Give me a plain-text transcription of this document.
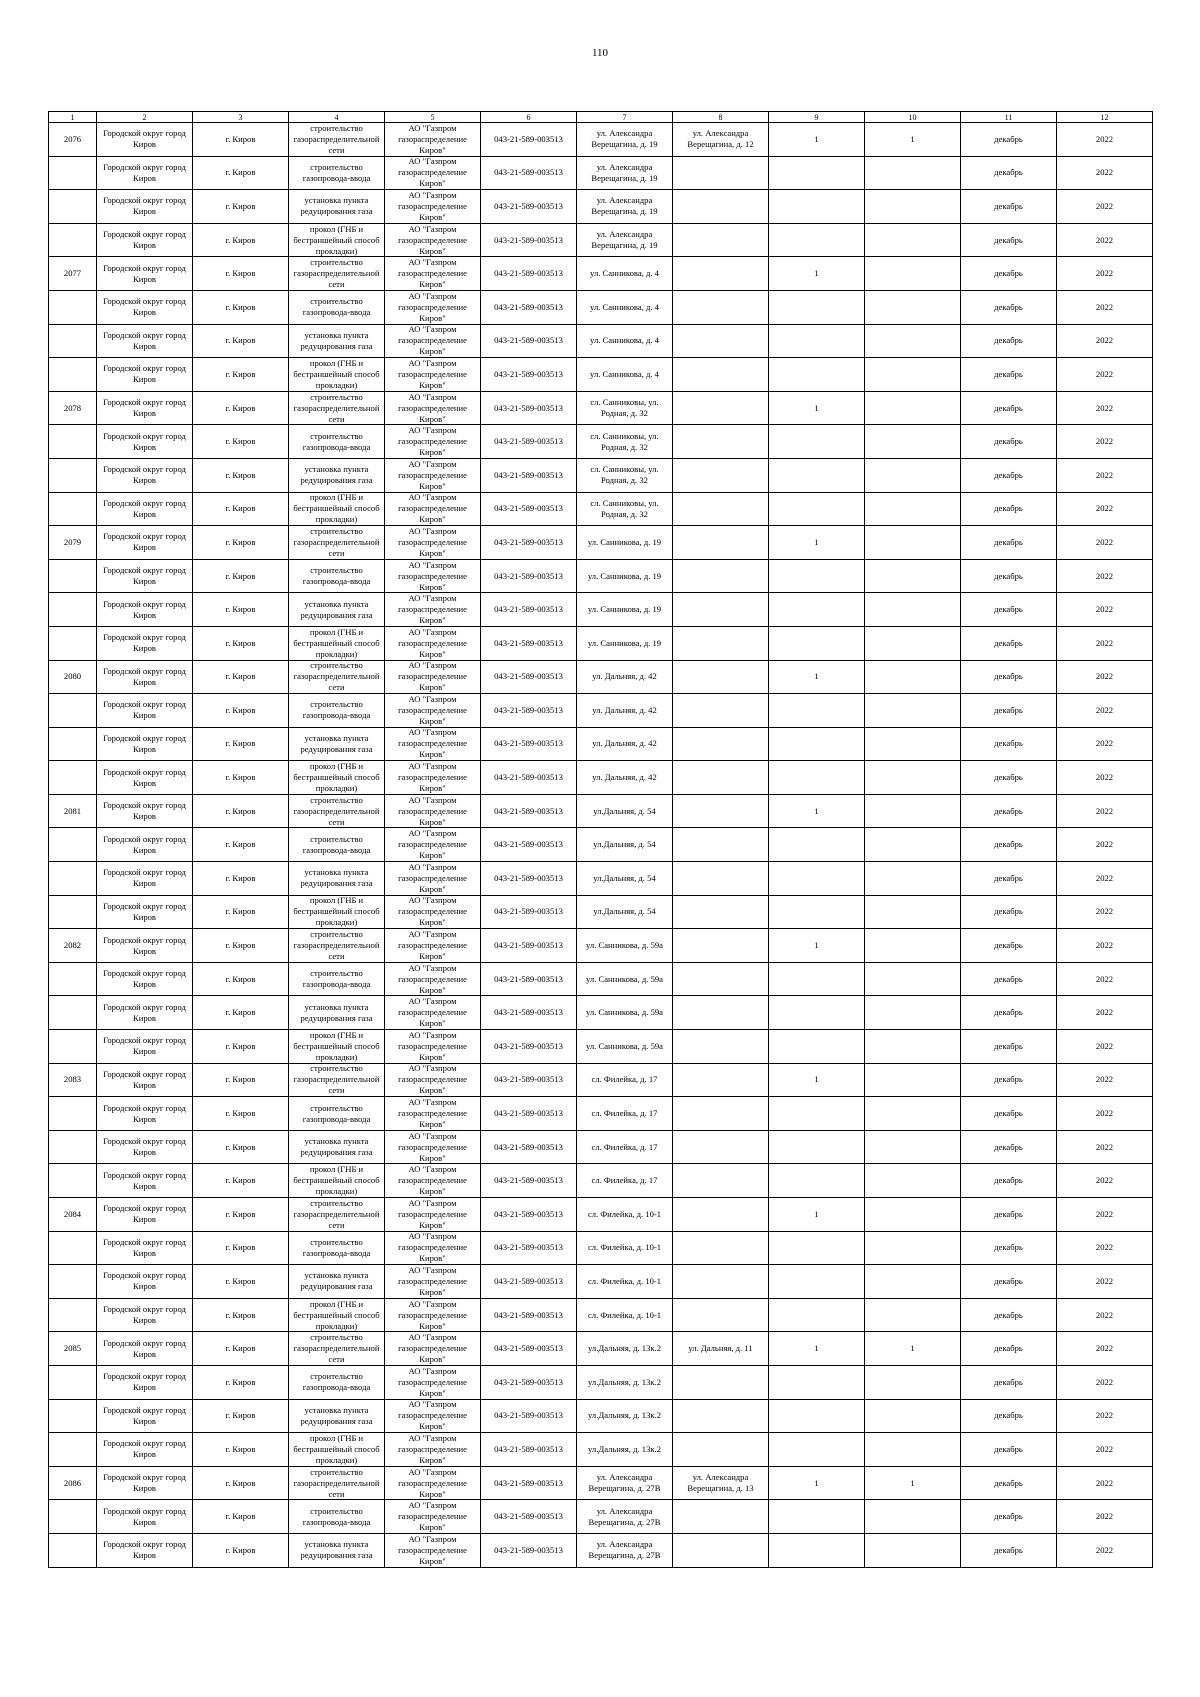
110
1	2	3	4	5	6	7	8	9	10	11	12
2076	Городской округ город Киров	г. Киров	строительство газораспределительной сети	АО "Газпром газораспределение Киров"	043-21-589-003513	ул. Александра Верещагина, д. 19	ул. Александра Верещагина, д. 12	1	1	декабрь	2022
	Городской округ город Киров	г. Киров	строительство газопровода-ввода	АО "Газпром газораспределение Киров"	043-21-589-003513	ул. Александра Верещагина, д. 19				декабрь	2022
	Городской округ город Киров	г. Киров	установка пункта редуцирования газа	АО "Газпром газораспределение Киров"	043-21-589-003513	ул. Александра Верещагина, д. 19				декабрь	2022
	Городской округ город Киров	г. Киров	прокол (ГНБ и бестраншейный способ прокладки)	АО "Газпром газораспределение Киров"	043-21-589-003513	ул. Александра Верещагина, д. 19				декабрь	2022
2077	Городской округ город Киров	г. Киров	строительство газораспределительной сети	АО "Газпром газораспределение Киров"	043-21-589-003513	ул. Санникова, д. 4		1		декабрь	2022
	Городской округ город Киров	г. Киров	строительство газопровода-ввода	АО "Газпром газораспределение Киров"	043-21-589-003513	ул. Санникова, д. 4				декабрь	2022
	Городской округ город Киров	г. Киров	установка пункта редуцирования газа	АО "Газпром газораспределение Киров"	043-21-589-003513	ул. Санникова, д. 4				декабрь	2022
	Городской округ город Киров	г. Киров	прокол (ГНБ и бестраншейный способ прокладки)	АО "Газпром газораспределение Киров"	043-21-589-003513	ул. Санникова, д. 4				декабрь	2022
2078	Городской округ город Киров	г. Киров	строительство газораспределительной сети	АО "Газпром газораспределение Киров"	043-21-589-003513	сл. Санниковы, ул. Родная, д. 32		1		декабрь	2022
	Городской округ город Киров	г. Киров	строительство газопровода-ввода	АО "Газпром газораспределение Киров"	043-21-589-003513	сл. Санниковы, ул. Родная, д. 32				декабрь	2022
	Городской округ город Киров	г. Киров	установка пункта редуцирования газа	АО "Газпром газораспределение Киров"	043-21-589-003513	сл. Санниковы, ул. Родная, д. 32				декабрь	2022
	Городской округ город Киров	г. Киров	прокол (ГНБ и бестраншейный способ прокладки)	АО "Газпром газораспределение Киров"	043-21-589-003513	сл. Санниковы, ул. Родная, д. 32				декабрь	2022
2079	Городской округ город Киров	г. Киров	строительство газораспределительной сети	АО "Газпром газораспределение Киров"	043-21-589-003513	ул. Санникова, д. 19		1		декабрь	2022
	Городской округ город Киров	г. Киров	строительство газопровода-ввода	АО "Газпром газораспределение Киров"	043-21-589-003513	ул. Санникова, д. 19				декабрь	2022
	Городской округ город Киров	г. Киров	установка пункта редуцирования газа	АО "Газпром газораспределение Киров"	043-21-589-003513	ул. Санникова, д. 19				декабрь	2022
	Городской округ город Киров	г. Киров	прокол (ГНБ и бестраншейный способ прокладки)	АО "Газпром газораспределение Киров"	043-21-589-003513	ул. Санникова, д. 19				декабрь	2022
2080	Городской округ город Киров	г. Киров	строительство газораспределительной сети	АО "Газпром газораспределение Киров"	043-21-589-003513	ул. Дальняя, д. 42		1		декабрь	2022
	Городской округ город Киров	г. Киров	строительство газопровода-ввода	АО "Газпром газораспределение Киров"	043-21-589-003513	ул. Дальняя, д. 42				декабрь	2022
	Городской округ город Киров	г. Киров	установка пункта редуцирования газа	АО "Газпром газораспределение Киров"	043-21-589-003513	ул. Дальняя, д. 42				декабрь	2022
	Городской округ город Киров	г. Киров	прокол (ГНБ и бестраншейный способ прокладки)	АО "Газпром газораспределение Киров"	043-21-589-003513	ул. Дальняя, д. 42				декабрь	2022
2081	Городской округ город Киров	г. Киров	строительство газораспределительной сети	АО "Газпром газораспределение Киров"	043-21-589-003513	ул.Дальняя, д. 54		1		декабрь	2022
	Городской округ город Киров	г. Киров	строительство газопровода-ввода	АО "Газпром газораспределение Киров"	043-21-589-003513	ул.Дальняя, д. 54				декабрь	2022
	Городской округ город Киров	г. Киров	установка пункта редуцирования газа	АО "Газпром газораспределение Киров"	043-21-589-003513	ул.Дальняя, д. 54				декабрь	2022
	Городской округ город Киров	г. Киров	прокол (ГНБ и бестраншейный способ прокладки)	АО "Газпром газораспределение Киров"	043-21-589-003513	ул.Дальняя, д. 54				декабрь	2022
2082	Городской округ город Киров	г. Киров	строительство газораспределительной сети	АО "Газпром газораспределение Киров"	043-21-589-003513	ул. Санникова, д. 59а		1		декабрь	2022
	Городской округ город Киров	г. Киров	строительство газопровода-ввода	АО "Газпром газораспределение Киров"	043-21-589-003513	ул. Санникова, д. 59а				декабрь	2022
	Городской округ город Киров	г. Киров	установка пункта редуцирования газа	АО "Газпром газораспределение Киров"	043-21-589-003513	ул. Санникова, д. 59а				декабрь	2022
	Городской округ город Киров	г. Киров	прокол (ГНБ и бестраншейный способ прокладки)	АО "Газпром газораспределение Киров"	043-21-589-003513	ул. Санникова, д. 59а				декабрь	2022
2083	Городской округ город Киров	г. Киров	строительство газораспределительной сети	АО "Газпром газораспределение Киров"	043-21-589-003513	сл. Филейка, д. 17		1		декабрь	2022
	Городской округ город Киров	г. Киров	строительство газопровода-ввода	АО "Газпром газораспределение Киров"	043-21-589-003513	сл. Филейка, д. 17				декабрь	2022
	Городской округ город Киров	г. Киров	установка пункта редуцирования газа	АО "Газпром газораспределение Киров"	043-21-589-003513	сл. Филейка, д. 17				декабрь	2022
	Городской округ город Киров	г. Киров	прокол (ГНБ и бестраншейный способ прокладки)	АО "Газпром газораспределение Киров"	043-21-589-003513	сл. Филейка, д. 17				декабрь	2022
2084	Городской округ город Киров	г. Киров	строительство газораспределительной сети	АО "Газпром газораспределение Киров"	043-21-589-003513	сл. Филейка, д. 10-1		1		декабрь	2022
	Городской округ город Киров	г. Киров	строительство газопровода-ввода	АО "Газпром газораспределение Киров"	043-21-589-003513	сл. Филейка, д. 10-1				декабрь	2022
	Городской округ город Киров	г. Киров	установка пункта редуцирования газа	АО "Газпром газораспределение Киров"	043-21-589-003513	сл. Филейка, д. 10-1				декабрь	2022
	Городской округ город Киров	г. Киров	прокол (ГНБ и бестраншейный способ прокладки)	АО "Газпром газораспределение Киров"	043-21-589-003513	сл. Филейка, д. 10-1				декабрь	2022
2085	Городской округ город Киров	г. Киров	строительство газораспределительной сети	АО "Газпром газораспределение Киров"	043-21-589-003513	ул.Дальняя, д. 13к.2	ул. Дальняя, д. 11	1	1	декабрь	2022
	Городской округ город Киров	г. Киров	строительство газопровода-ввода	АО "Газпром газораспределение Киров"	043-21-589-003513	ул.Дальняя, д. 13к.2				декабрь	2022
	Городской округ город Киров	г. Киров	установка пункта редуцирования газа	АО "Газпром газораспределение Киров"	043-21-589-003513	ул.Дальняя, д. 13к.2				декабрь	2022
	Городской округ город Киров	г. Киров	прокол (ГНБ и бестраншейный способ прокладки)	АО "Газпром газораспределение Киров"	043-21-589-003513	ул.Дальняя, д. 13к.2				декабрь	2022
2086	Городской округ город Киров	г. Киров	строительство газораспределительной сети	АО "Газпром газораспределение Киров"	043-21-589-003513	ул. Александра Верещагина, д. 27В	ул. Александра Верещагина, д. 13	1	1	декабрь	2022
	Городской округ город Киров	г. Киров	строительство газопровода-ввода	АО "Газпром газораспределение Киров"	043-21-589-003513	ул. Александра Верещагина, д. 27В				декабрь	2022
	Городской округ город Киров	г. Киров	установка пункта редуцирования газа	АО "Газпром газораспределение Киров"	043-21-589-003513	ул. Александра Верещагина, д. 27В				декабрь	2022
